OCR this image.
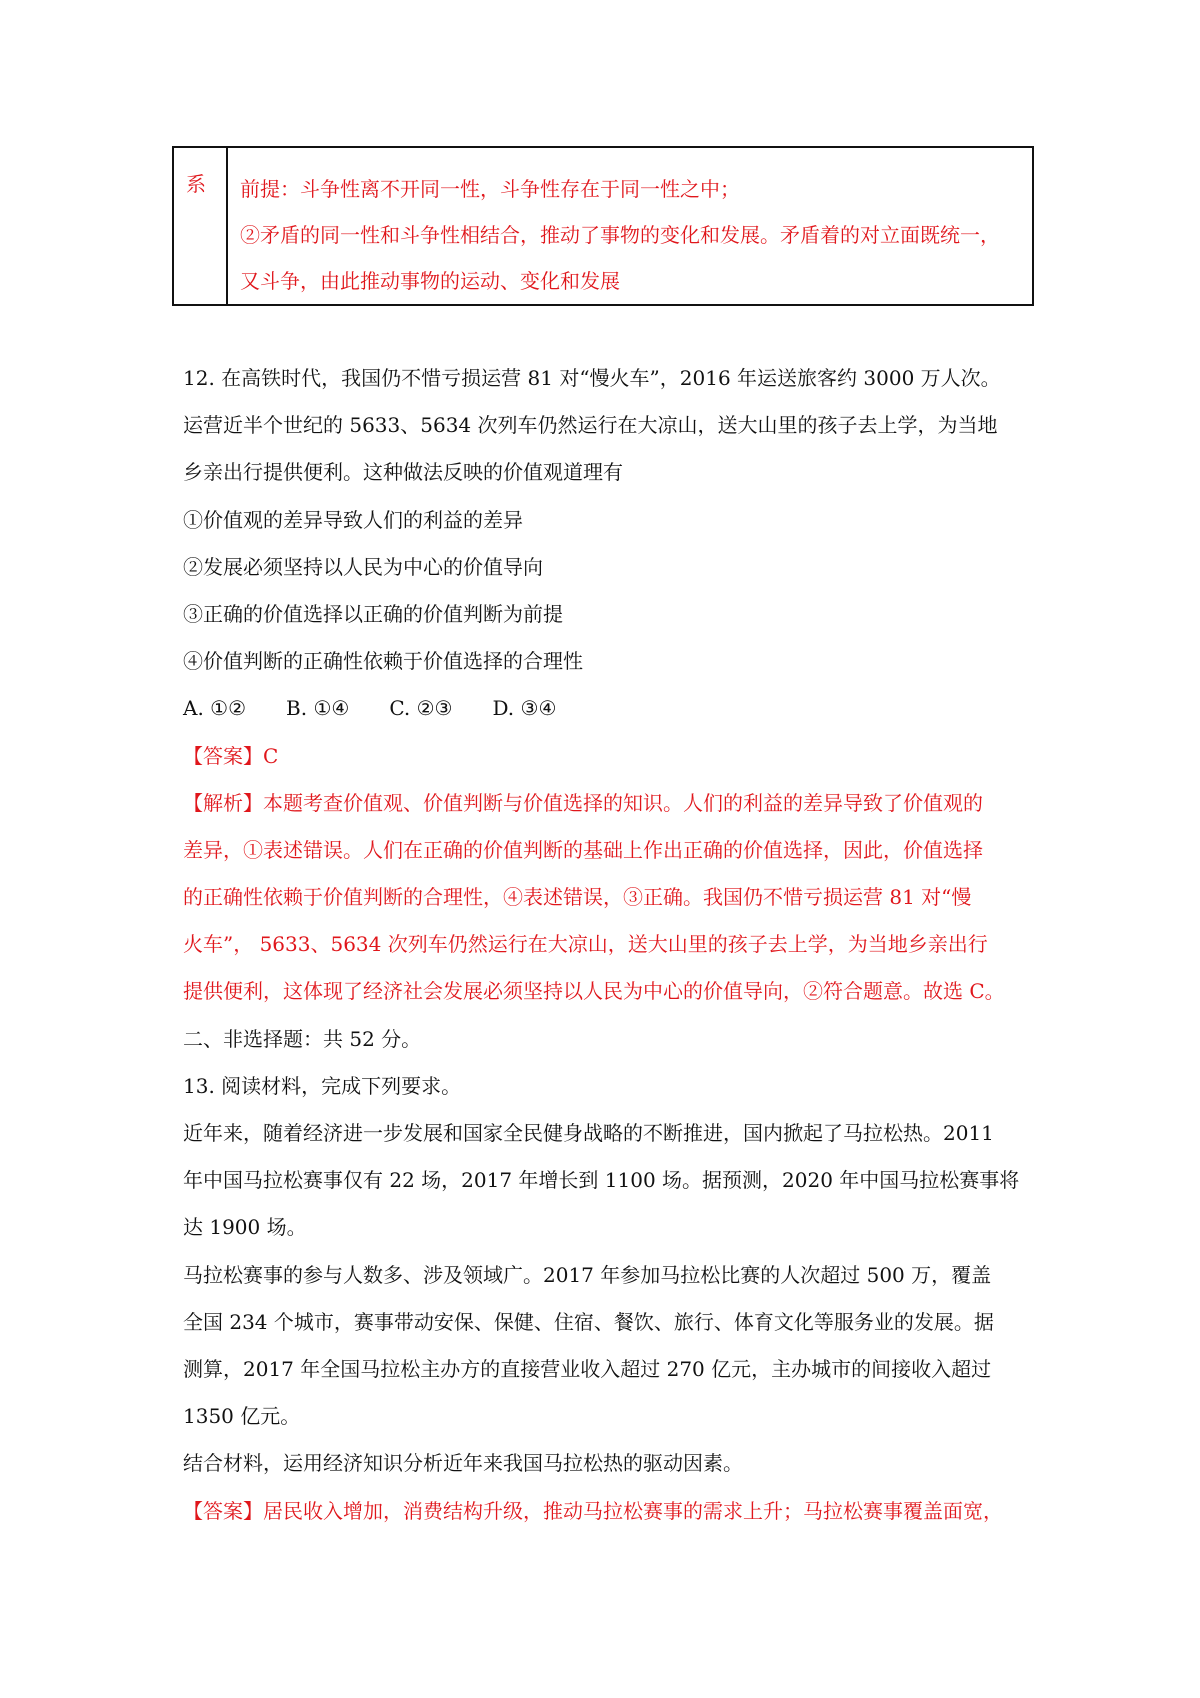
系 前提：斗争性离不开同一性，斗争性存在于同一性之中；

②矛盾的同一性和斗争性相结合，推动了事物的变化和发展。矛盾着的对立面既统一，

又斗争，由此推动事物的运动、变化和发展

12. 在高铁时代，我国仍不惜亏损运营 81 对“慢火车”，2016 年运送旅客约 3000 万人次。
运营近半个世纪的 5633、5634 次列车仍然运行在大凉山，送大山里的孩子去上学，为当地
乡亲出行提供便利。这种做法反映的价值观道理有
①价值观的差异导致人们的利益的差异
②发展必须坚持以人民为中心的价值导向
③正确的价值选择以正确的价值判断为前提
④价值判断的正确性依赖于价值选择的合理性
A. ①② B. ①④ C. ②③ D. ③④
【答案】C
【解析】本题考查价值观、价值判断与价值选择的知识。人们的利益的差异导致了价值观的
差异，①表述错误。人们在正确的价值判断的基础上作出正确的价值选择，因此，价值选择
的正确性依赖于价值判断的合理性，④表述错误，③正确。我国仍不惜亏损运营 81 对“慢
火车”， 5633、5634 次列车仍然运行在大凉山，送大山里的孩子去上学，为当地乡亲出行
提供便利，这体现了经济社会发展必须坚持以人民为中心的价值导向，②符合题意。故选 C。
二、非选择题：共 52 分。
13. 阅读材料，完成下列要求。
近年来，随着经济进一步发展和国家全民健身战略的不断推进，国内掀起了马拉松热。2011
年中国马拉松赛事仅有 22 场，2017 年增长到 1100 场。据预测，2020 年中国马拉松赛事将
达 1900 场。
马拉松赛事的参与人数多、涉及领域广。2017 年参加马拉松比赛的人次超过 500 万，覆盖
全国 234 个城市，赛事带动安保、保健、住宿、餐饮、旅行、体育文化等服务业的发展。据
测算，2017 年全国马拉松主办方的直接营业收入超过 270 亿元，主办城市的间接收入超过
1350 亿元。
结合材料，运用经济知识分析近年来我国马拉松热的驱动因素。
【答案】居民收入增加，消费结构升级，推动马拉松赛事的需求上升；马拉松赛事覆盖面宽，
